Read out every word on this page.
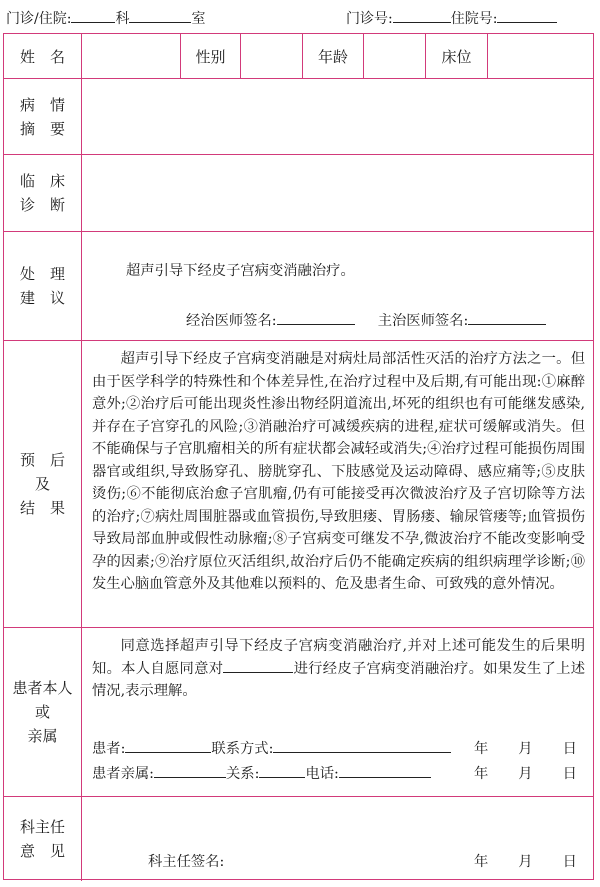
门诊/住院:	科	室	门诊号:	住院号:
姓　名	性别	年龄	床位
病　情
摘　要
临　床
诊　断
处　理
建　议
超声引导下经皮子宫病变消融治疗。
经治医师签名:	主治医师签名:
预　后
及
结　果
超声引导下经皮子宫病变消融是对病灶局部活性灭活的治疗方法之一。但由于医学科学的特殊性和个体差异性,在治疗过程中及后期,有可能出现:①麻醉意外;②治疗后可能出现炎性渗出物经阴道流出,坏死的组织也有可能继发感染,并存在子宫穿孔的风险;③消融治疗可减缓疾病的进程,症状可缓解或消失。但不能确保与子宫肌瘤相关的所有症状都会减轻或消失;④治疗过程可能损伤周围器官或组织,导致肠穿孔、膀胱穿孔、下肢感觉及运动障碍、感应痛等;⑤皮肤烫伤;⑥不能彻底治愈子宫肌瘤,仍有可能接受再次微波治疗及子宫切除等方法的治疗;⑦病灶周围脏器或血管损伤,导致胆瘘、胃肠瘘、输尿管瘘等;血管损伤导致局部血肿或假性动脉瘤;⑧子宫病变可继发不孕,微波治疗不能改变影响受孕的因素;⑨治疗原位灭活组织,故治疗后仍不能确定疾病的组织病理学诊断;⑩发生心脑血管意外及其他难以预料的、危及患者生命、可致残的意外情况。
患者本人
或
亲属
同意选择超声引导下经皮子宫病变消融治疗,并对上述可能发生的后果明知。本人自愿同意对	进行经皮子宫病变消融治疗。如果发生了上述情况,表示理解。
患者:	联系方式:	年 月 日
患者亲属:	关系:	电话:	年 月 日
科主任
意　见
科主任签名:	年 月 日
